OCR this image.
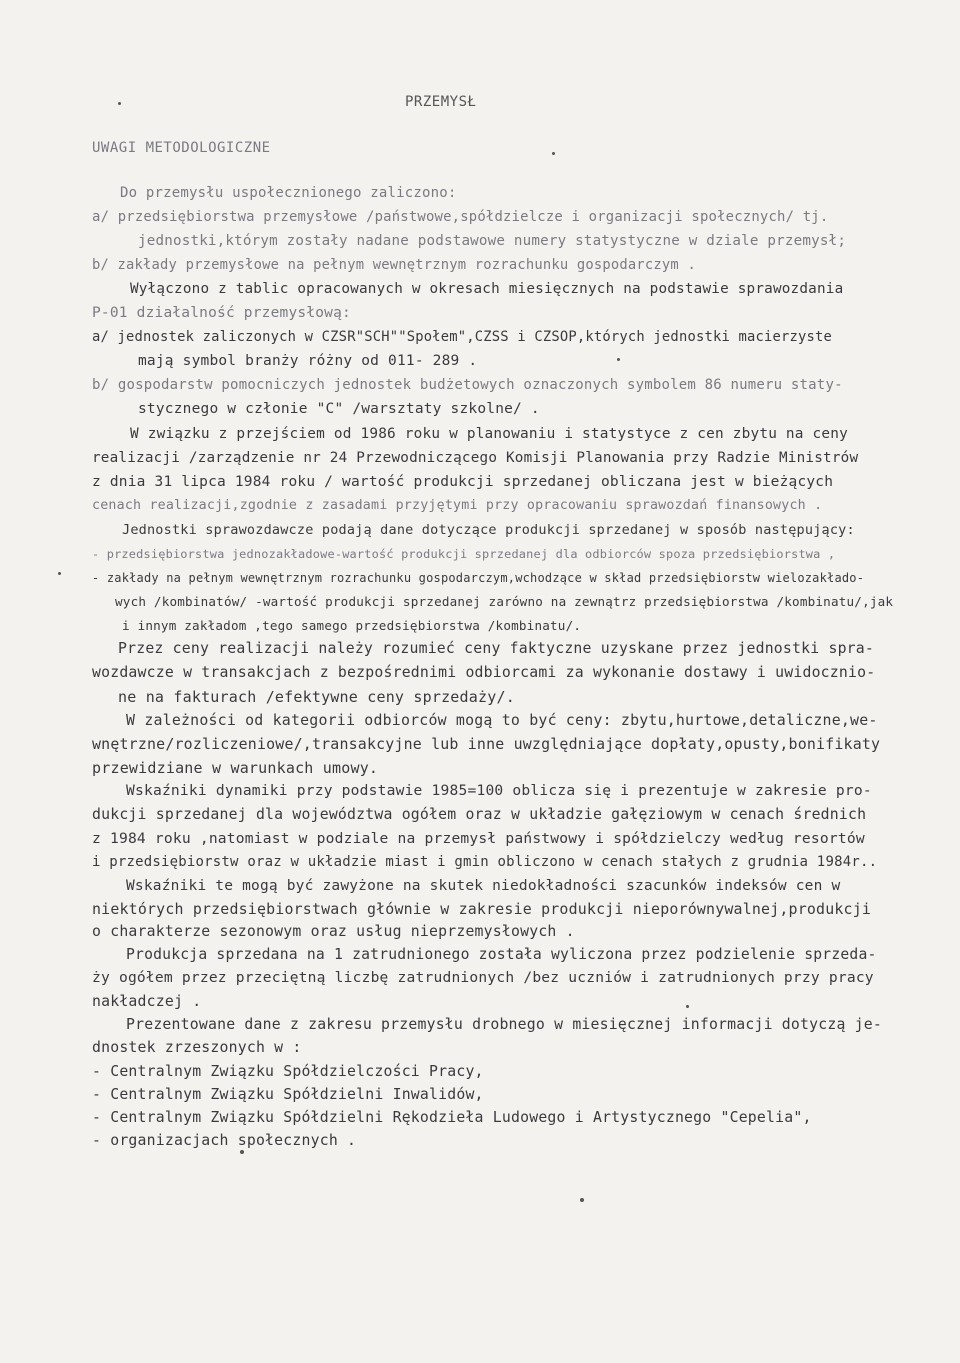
PRZEMYSŁ
UWAGI METODOLOGICZNE
Do przemysłu uspołecznionego zaliczono:
a/ przedsiębiorstwa przemysłowe /państwowe,spółdzielcze i organizacji społecznych/ tj.
jednostki,którym zostały nadane podstawowe numery statystyczne w dziale przemysł;
b/ zakłady przemysłowe na pełnym wewnętrznym rozrachunku gospodarczym .
Wyłączono z tablic opracowanych w okresach miesięcznych na podstawie sprawozdania
P-01 działalność przemysłową:
a/ jednostek zaliczonych w CZSR"SCH""Społem",CZSS i CZSOP,których jednostki macierzyste
mają symbol branży różny od 011- 289 .
b/ gospodarstw pomocniczych jednostek budżetowych oznaczonych symbolem 86 numeru staty-
stycznego w członie "C" /warsztaty szkolne/ .
W związku z przejściem od 1986 roku w planowaniu i statystyce z cen zbytu na ceny
realizacji /zarządzenie nr 24 Przewodniczącego Komisji Planowania przy Radzie Ministrów
z dnia 31 lipca 1984 roku / wartość produkcji sprzedanej obliczana jest w bieżących
cenach realizacji,zgodnie z zasadami przyjętymi przy opracowaniu sprawozdań finansowych .
Jednostki sprawozdawcze podają dane dotyczące produkcji sprzedanej w sposób następujący:
- przedsiębiorstwa jednozakładowe-wartość produkcji sprzedanej dla odbiorców spoza przedsiębiorstwa ,
- zakłady na pełnym wewnętrznym rozrachunku gospodarczym,wchodzące w skład przedsiębiorstw wielozakłado-
wych /kombinatów/ -wartość produkcji sprzedanej zarówno na zewnątrz przedsiębiorstwa /kombinatu/,jak
i innym zakładom ,tego samego przedsiębiorstwa /kombinatu/.
Przez ceny realizacji należy rozumieć ceny faktyczne uzyskane przez jednostki spra-
wozdawcze w transakcjach z bezpośrednimi odbiorcami za wykonanie dostawy i uwidocznio-
ne na fakturach /efektywne ceny sprzedaży/.
W zależności od kategorii odbiorców mogą to być ceny: zbytu,hurtowe,detaliczne,we-
wnętrzne/rozliczeniowe/,transakcyjne lub inne uwzględniające dopłaty,opusty,bonifikaty
przewidziane w warunkach umowy.
Wskaźniki dynamiki przy podstawie 1985=100 oblicza się i prezentuje w zakresie pro-
dukcji sprzedanej dla województwa ogółem oraz w układzie gałęziowym w cenach średnich
z 1984 roku ,natomiast w podziale na przemysł państwowy i spółdzielczy według resortów
i przedsiębiorstw oraz w układzie miast i gmin obliczono w cenach stałych z grudnia 1984r..
Wskaźniki te mogą być zawyżone na skutek niedokładności szacunków indeksów cen w
niektórych przedsiębiorstwach głównie w zakresie produkcji nieporównywalnej,produkcji
o charakterze sezonowym oraz usług nieprzemysłowych .
Produkcja sprzedana na 1 zatrudnionego została wyliczona przez podzielenie sprzeda-
ży ogółem przez przeciętną liczbę zatrudnionych /bez uczniów i zatrudnionych przy pracy
nakładczej .
Prezentowane dane z zakresu przemysłu drobnego w miesięcznej informacji dotyczą je-
dnostek zrzeszonych w :
- Centralnym Związku Spółdzielczości Pracy,
- Centralnym Związku Spółdzielni Inwalidów,
- Centralnym Związku Spółdzielni Rękodzieła Ludowego i Artystycznego "Cepelia",
- organizacjach społecznych .
